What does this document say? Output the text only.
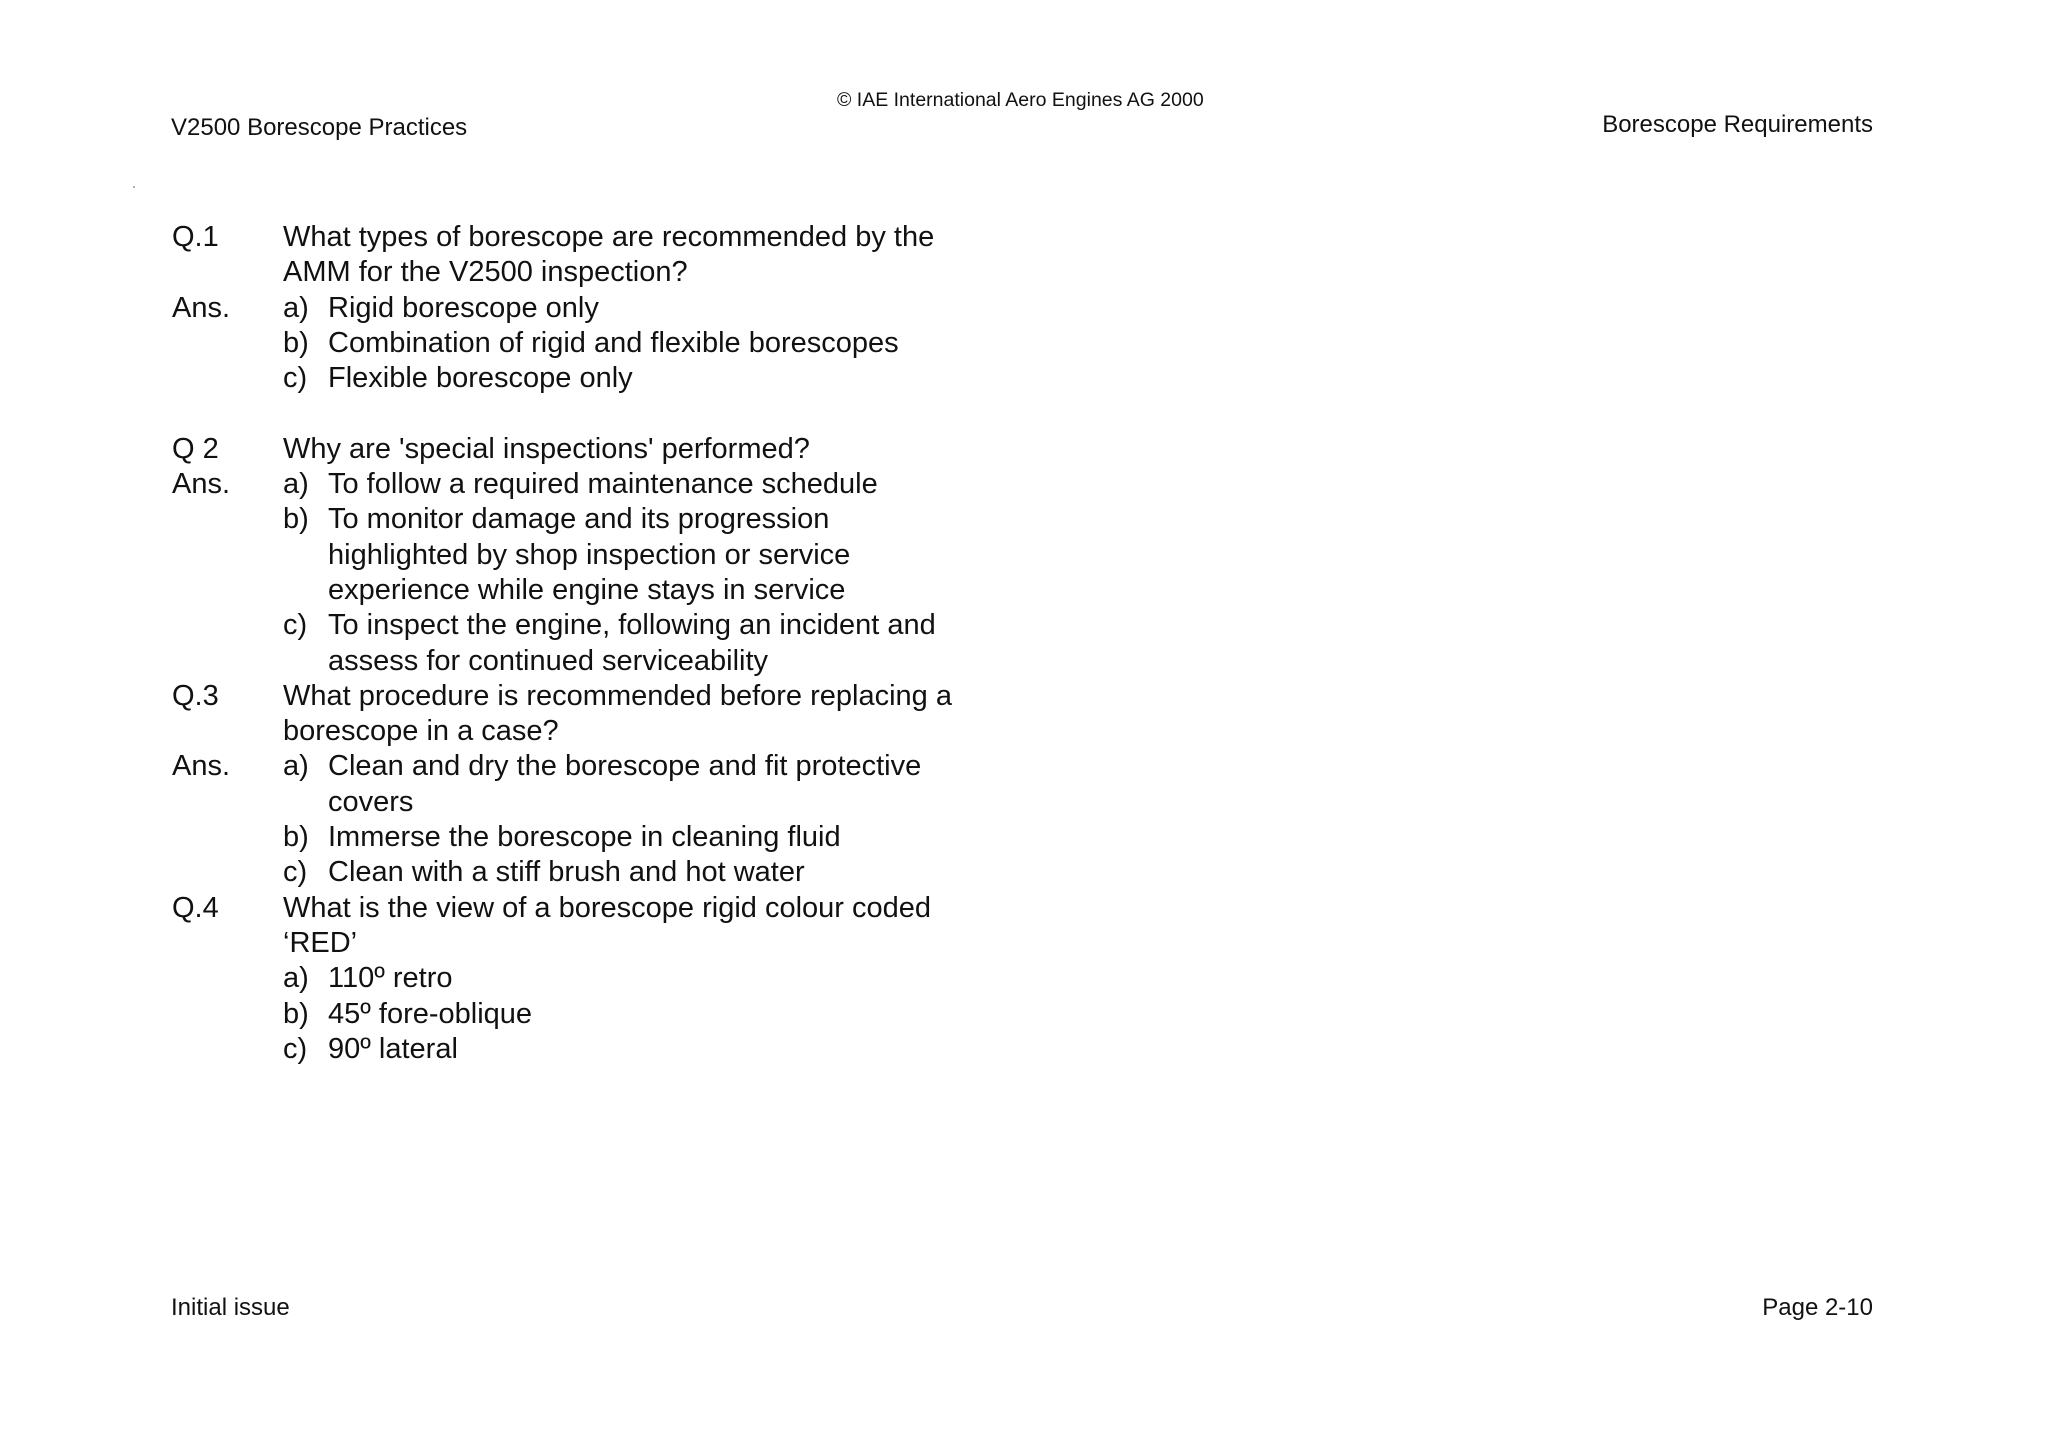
V2500 Borescope Practices
© IAE International Aero Engines AG 2000
Borescope Requirements
Q.1	What types of borescope are recommended by the
AMM for the V2500 inspection?
Ans.	a) Rigid borescope only
b) Combination of rigid and flexible borescopes
c) Flexible borescope only
Q 2	Why are 'special inspections' performed?
Ans.	a) To follow a required maintenance schedule
b) To monitor damage and its progression
highlighted by shop inspection or service
experience while engine stays in service
c) To inspect the engine, following an incident and
assess for continued serviceability
Q.3	What procedure is recommended before replacing a
borescope in a case?
Ans.	a) Clean and dry the borescope and fit protective
covers
b) Immerse the borescope in cleaning fluid
c) Clean with a stiff brush and hot water
Q.4	What is the view of a borescope rigid colour coded
‘RED’
a) 110º retro
b) 45º fore-oblique
c) 90º lateral
Initial issue	Page 2-10
